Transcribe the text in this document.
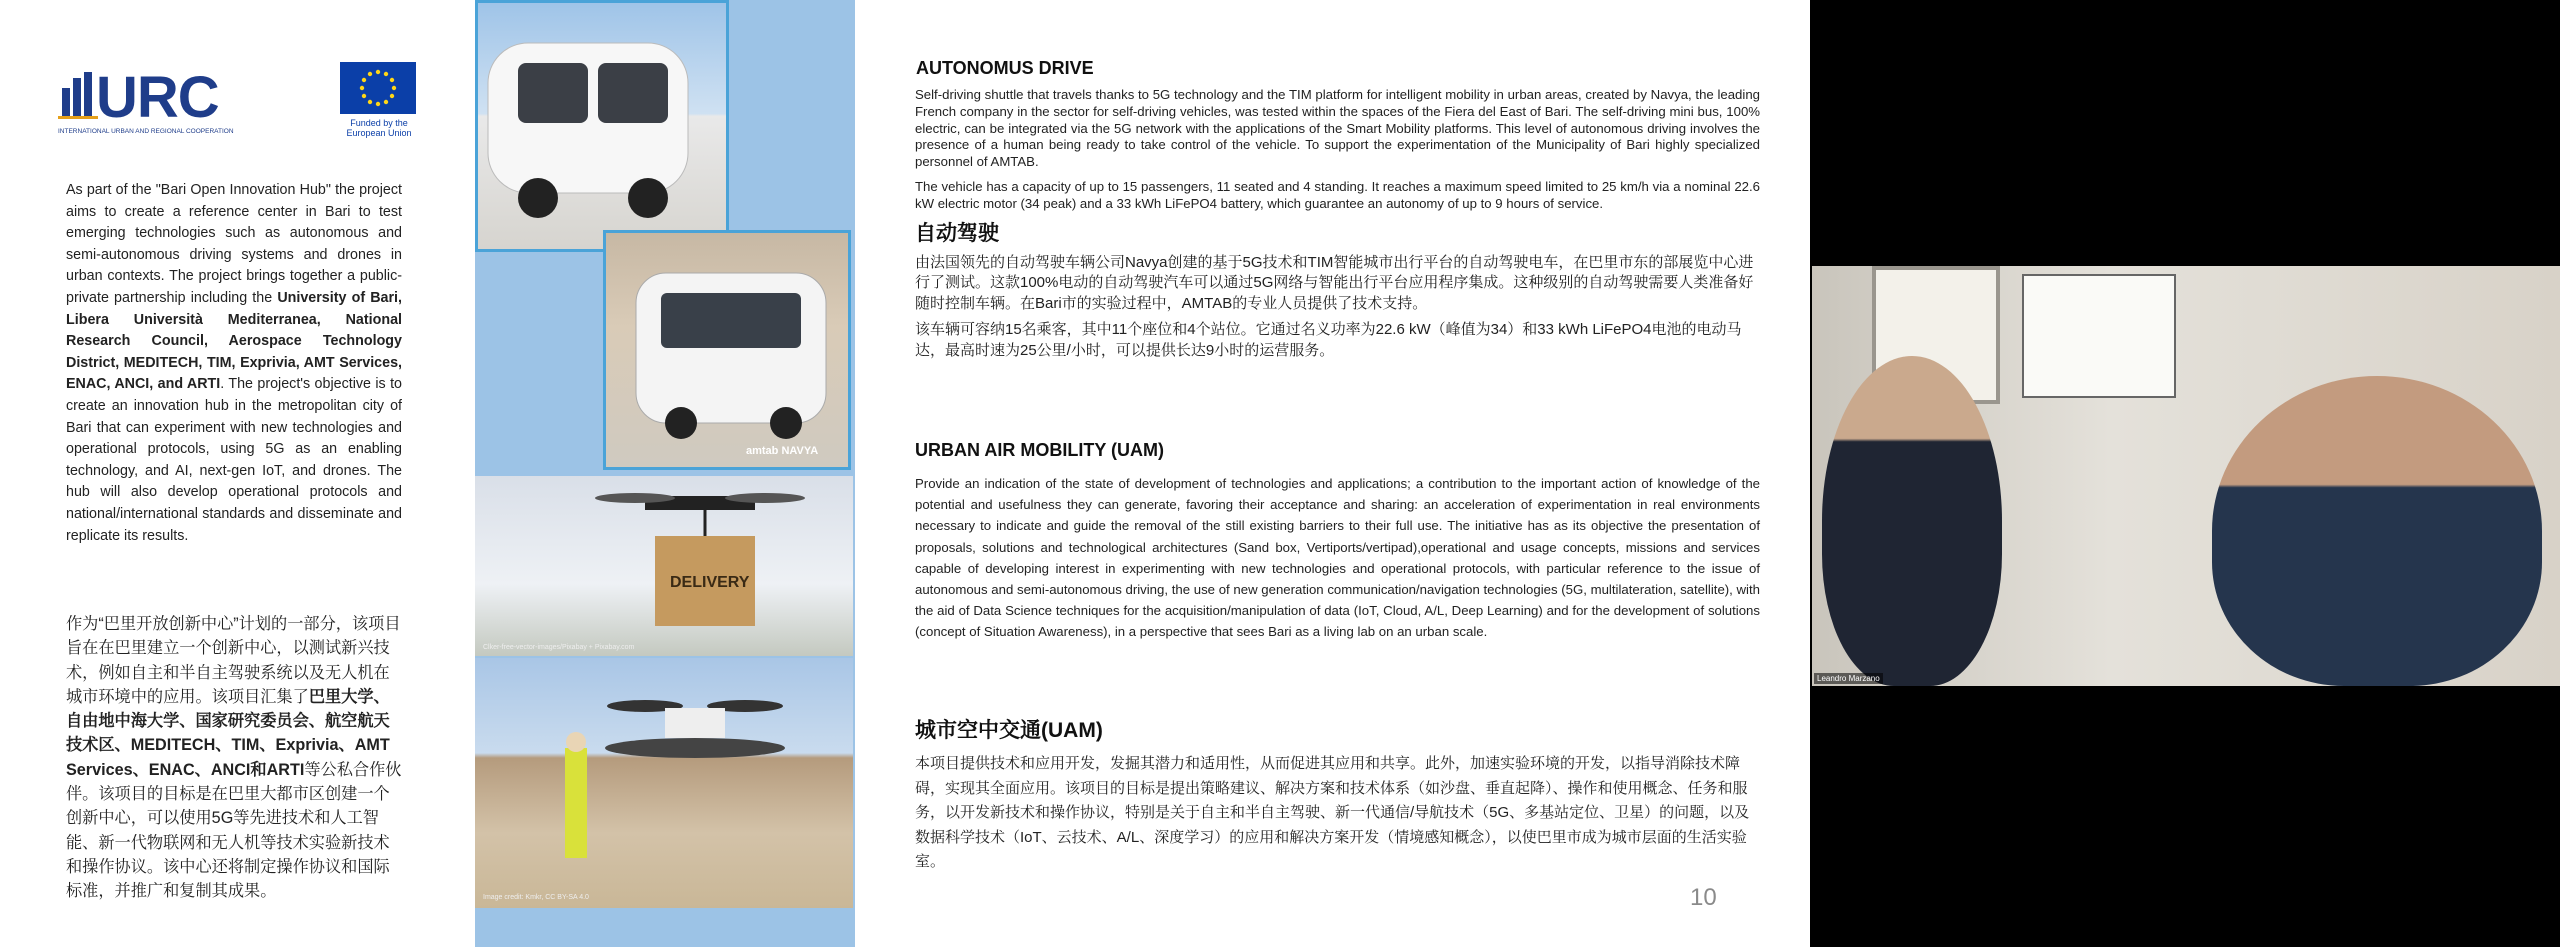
URC
INTERNATIONAL URBAN AND REGIONAL COOPERATION
Funded by the European Union
As part of the "Bari Open Innovation Hub" the project aims to create a reference center in Bari to test emerging technologies such as autonomous and semi-autonomous driving systems and drones in urban contexts. The project brings together a public-private partnership including the University of Bari, Libera Università Mediterranea, National Research Council, Aerospace Technology District, MEDITECH, TIM, Exprivia, AMT Services, ENAC, ANCI, and ARTI. The project's objective is to create an innovation hub in the metropolitan city of Bari that can experiment with new technologies and operational protocols, using 5G as an enabling technology, and AI, next-gen IoT, and drones. The hub will also develop operational protocols and national/international standards and disseminate and replicate its results.
作为“巴里开放创新中心”计划的一部分，该项目旨在在巴里建立一个创新中心，以测试新兴技术，例如自主和半自主驾驶系统以及无人机在城市环境中的应用。该项目汇集了巴里大学、自由地中海大学、国家研究委员会、航空航天技术区、MEDITECH、TIM、Exprivia、AMT Services、ENAC、ANCI和ARTI等公私合作伙伴。该项目的目标是在巴里大都市区创建一个创新中心，可以使用5G等先进技术和人工智能、新一代物联网和无人机等技术实验新技术和操作协议。该中心还将制定操作协议和国际标准，并推广和复制其成果。
amtab NAVYA
DELIVERY
Clker-free-vector-images/Pixabay + Pixabay.com
Image credit: Kmkr, CC BY-SA 4.0
AUTONOMUS DRIVE
Self-driving shuttle that travels thanks to 5G technology and the TIM platform for intelligent mobility in urban areas, created by Navya, the leading French company in the sector for self-driving vehicles, was tested within the spaces of the Fiera del East of Bari. The self-driving mini bus, 100% electric, can be integrated via the 5G network with the applications of the Smart Mobility platforms. This level of autonomous driving involves the presence of a human being ready to take control of the vehicle. To support the experimentation of the Municipality of Bari highly specialized personnel of AMTAB.
The vehicle has a capacity of up to 15 passengers, 11 seated and 4 standing. It reaches a maximum speed limited to 25 km/h via a nominal 22.6 kW electric motor (34 peak) and a 33 kWh LiFePO4 battery, which guarantee an autonomy of up to 9 hours of service.
自动驾驶
由法国领先的自动驾驶车辆公司Navya创建的基于5G技术和TIM智能城市出行平台的自动驾驶电车，在巴里市东的部展览中心进行了测试。这款100%电动的自动驾驶汽车可以通过5G网络与智能出行平台应用程序集成。这种级别的自动驾驶需要人类准备好随时控制车辆。在Bari市的实验过程中，AMTAB的专业人员提供了技术支持。
该车辆可容纳15名乘客，其中11个座位和4个站位。它通过名义功率为22.6 kW（峰值为34）和33 kWh LiFePO4电池的电动马达，最高时速为25公里/小时，可以提供长达9小时的运营服务。
URBAN AIR MOBILITY (UAM)
Provide an indication of the state of development of technologies and applications; a contribution to the important action of knowledge of the potential and usefulness they can generate, favoring their acceptance and sharing: an acceleration of experimentation in real environments necessary to indicate and guide the removal of the still existing barriers to their full use. The initiative has as its objective the presentation of proposals, solutions and technological architectures (Sand box, Vertiports/vertipad),operational and usage concepts, missions and services capable of developing interest in experimenting with new technologies and operational protocols, with particular reference to the issue of autonomous and semi-autonomous driving, the use of new generation communication/navigation technologies (5G, multilateration, satellite), with the aid of Data Science techniques for the acquisition/manipulation of data (IoT, Cloud, A/L, Deep Learning) and for the development of solutions (concept of Situation Awareness), in a perspective that sees Bari as a living lab on an urban scale.
城市空中交通(UAM)
本项目提供技术和应用开发，发掘其潜力和适用性，从而促进其应用和共享。此外，加速实验环境的开发，以指导消除技术障碍，实现其全面应用。该项目的目标是提出策略建议、解决方案和技术体系（如沙盘、垂直起降）、操作和使用概念、任务和服务，以开发新技术和操作协议，特别是关于自主和半自主驾驶、新一代通信/导航技术（5G、多基站定位、卫星）的问题，以及数据科学技术（IoT、云技术、A/L、深度学习）的应用和解决方案开发（情境感知概念），以使巴里市成为城市层面的生活实验室。
10
Leandro Marzano
